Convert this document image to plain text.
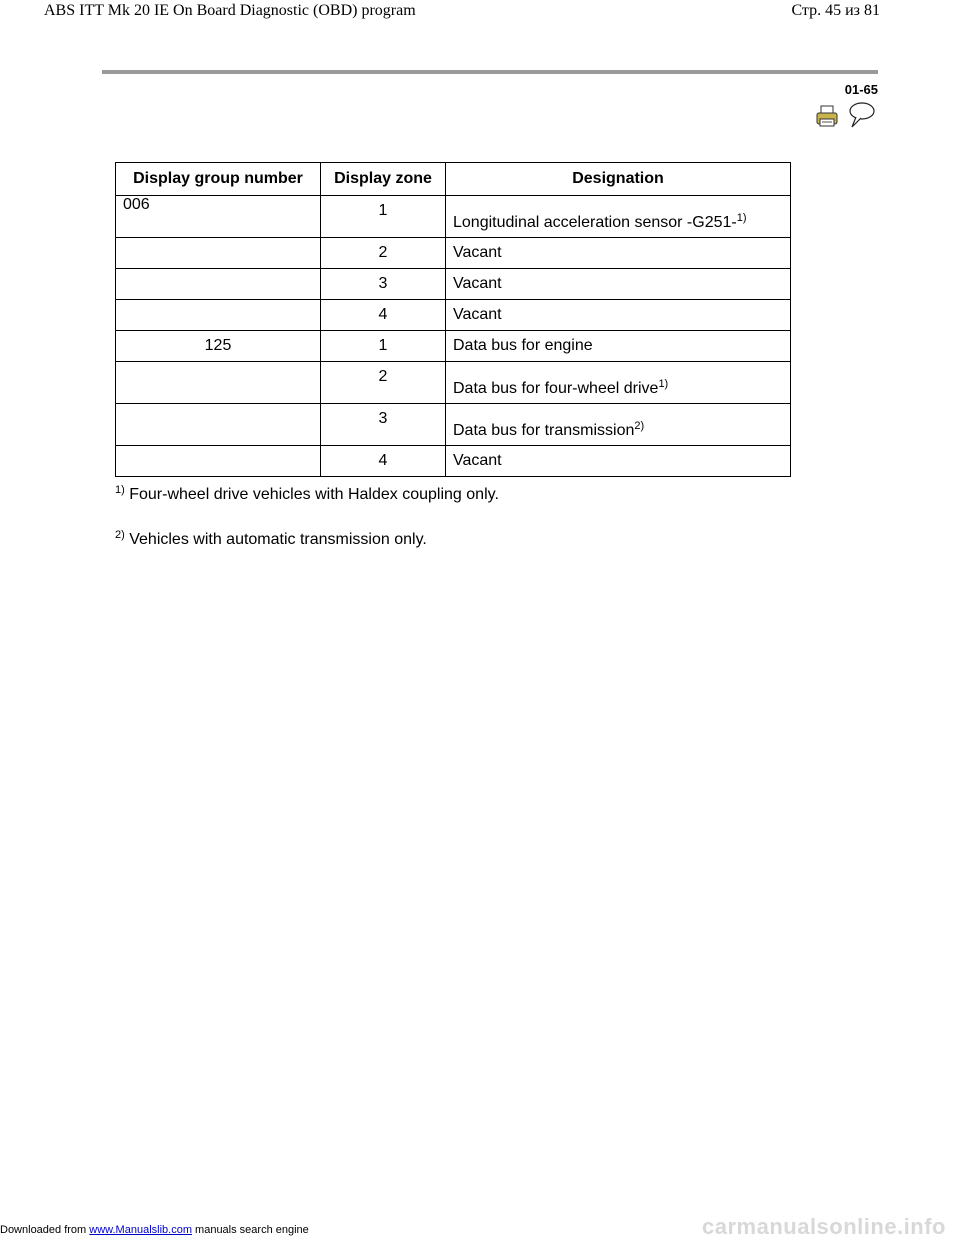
ABS ITT Mk 20 IE On Board Diagnostic (OBD) program	Стр. 45 из 81
01-65
Display group number	Display zone	Designation
006	1	Longitudinal acceleration sensor -G251-$^{1)}$
	2	Vacant
	3	Vacant
	4	Vacant
125	1	Data bus for engine
	2	Data bus for four-wheel drive$^{1)}$
	3	Data bus for transmission$^{2)}$
	4	Vacant
$^{1)}$ Four-wheel drive vehicles with Haldex coupling only.
$^{2)}$ Vehicles with automatic transmission only.
Downloaded from www.Manualslib.com manuals search engine	carmanualsonline.info
